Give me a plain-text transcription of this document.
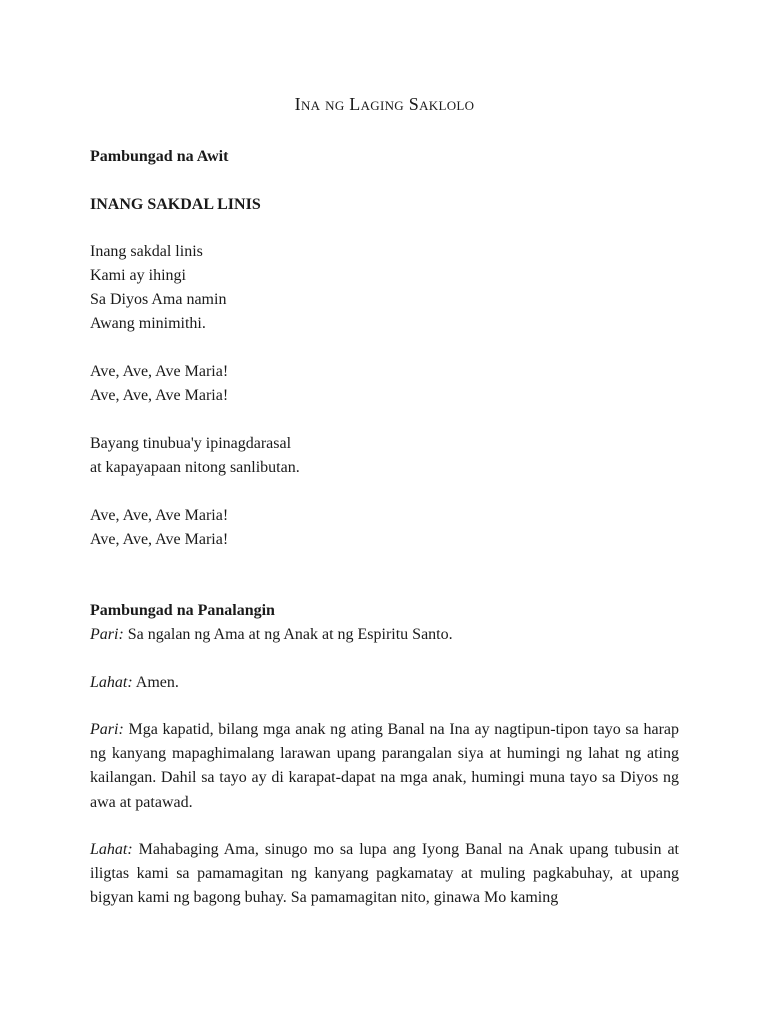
Ina ng Laging Saklolo
Pambungad na Awit
INANG SAKDAL LINIS
Inang sakdal linis
Kami ay ihingi
Sa Diyos Ama namin
Awang minimithi.
Ave, Ave, Ave Maria!
Ave, Ave, Ave Maria!
Bayang tinubua'y ipinagdarasal
at kapayapaan nitong sanlibutan.
Ave, Ave, Ave Maria!
Ave, Ave, Ave Maria!
Pambungad na Panalangin
Pari: Sa ngalan ng Ama at ng Anak at ng Espiritu Santo.
Lahat: Amen.
Pari: Mga kapatid, bilang mga anak ng ating Banal na Ina ay nagtipun-tipon tayo sa harap ng kanyang mapaghimalang larawan upang parangalan siya at humingi ng lahat ng ating kailangan. Dahil sa tayo ay di karapat-dapat na mga anak, humingi muna tayo sa Diyos ng awa at patawad.
Lahat: Mahabaging Ama, sinugo mo sa lupa ang Iyong Banal na Anak upang tubusin at iligtas kami sa pamamagitan ng kanyang pagkamatay at muling pagkabuhay, at upang bigyan kami ng bagong buhay. Sa pamamagitan nito, ginawa Mo kaming
